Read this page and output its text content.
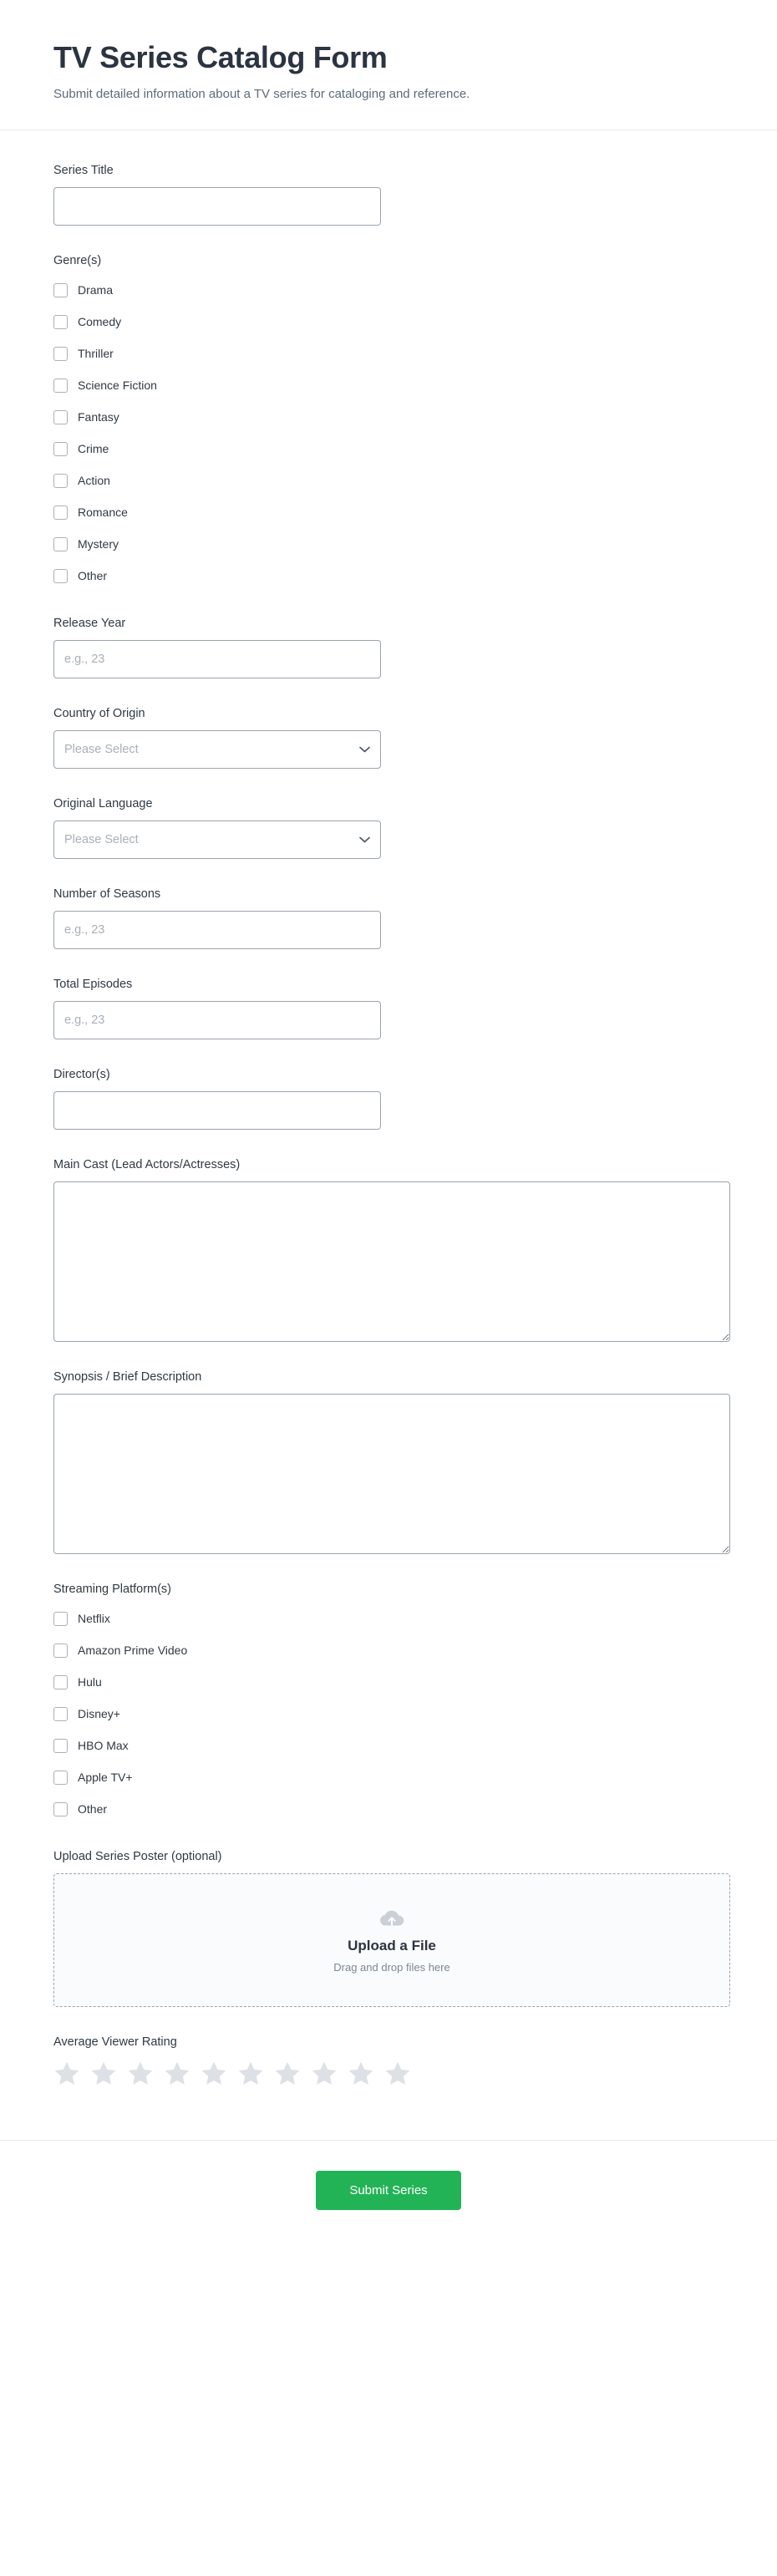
TV Series Catalog Form

Submit detailed information about a TV series for cataloging and reference.

Series Title
Genre(s)
Drama
Comedy
Thriller
Science Fiction
Fantasy
Crime
Action
Romance
Mystery
Other
Release Year
e.g., 23
Country of Origin
Please Select
Original Language
Please Select
Number of Seasons
e.g., 23
Total Episodes
e.g., 23
Director(s)
Main Cast (Lead Actors/Actresses)
Synopsis / Brief Description
Streaming Platform(s)
Netflix
Amazon Prime Video
Hulu
Disney+
HBO Max
Apple TV+
Other
Upload Series Poster (optional)
Upload a File
Drag and drop files here
Average Viewer Rating
Submit Series
